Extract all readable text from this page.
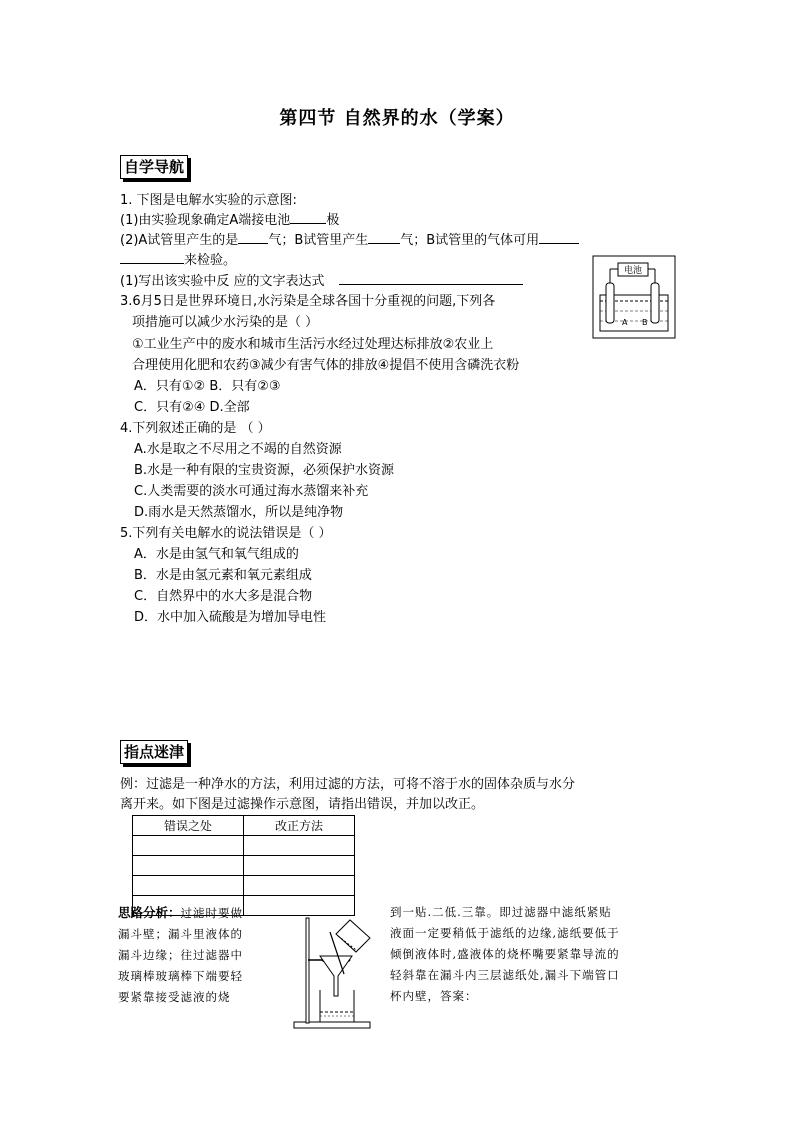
第四节 自然界的水（学案）
自学导航
1. 下图是电解水实验的示意图:
(1)由实验现象确定A端接电池	极
(2)A试管里产生的是 气；B试管里产生 气；B试管里的气体可用
来检验。
(1)写出该实验中反 应的文字表达式
电池
A B
3.6月5日是世界环境日,水污染是全球各国十分重视的问题,下列各
项措施可以减少水污染的是（ ）
①工业生产中的废水和城市生活污水经过处理达标排放②农业上
合理使用化肥和农药③减少有害气体的排放④提倡不使用含磷洗衣粉
A．只有①② B．只有②③
C．只有②④ D.全部
4.下列叙述正确的是 （ ）
A.水是取之不尽用之不竭的自然资源
B.水是一种有限的宝贵资源，必须保护水资源
C.人类需要的淡水可通过海水蒸馏来补充
D.雨水是天然蒸馏水，所以是纯净物
5.下列有关电解水的说法错误是（ ）
A．水是由氢气和氧气组成的
B．水是由氢元素和氧元素组成
C．自然界中的水大多是混合物
D．水中加入硫酸是为增加导电性
指点迷津
例：过滤是一种净水的方法，利用过滤的方法，可将不溶于水的固体杂质与水分
离开来。如下图是过滤操作示意图，请指出错误，并加以改正。
错误之处	改正方法

思路分析：过滤时要做
漏斗壁；漏斗里液体的
漏斗边缘；往过滤器中
玻璃棒玻璃棒下端要轻
要紧靠接受滤液的烧
到一贴.二低.三靠。即过滤器中滤纸紧贴
液面一定要稍低于滤纸的边缘,滤纸要低于
倾倒液体时,盛液体的烧杯嘴要紧靠导流的
轻斜靠在漏斗内三层滤纸处,漏斗下端管口
杯内壁，答案：
